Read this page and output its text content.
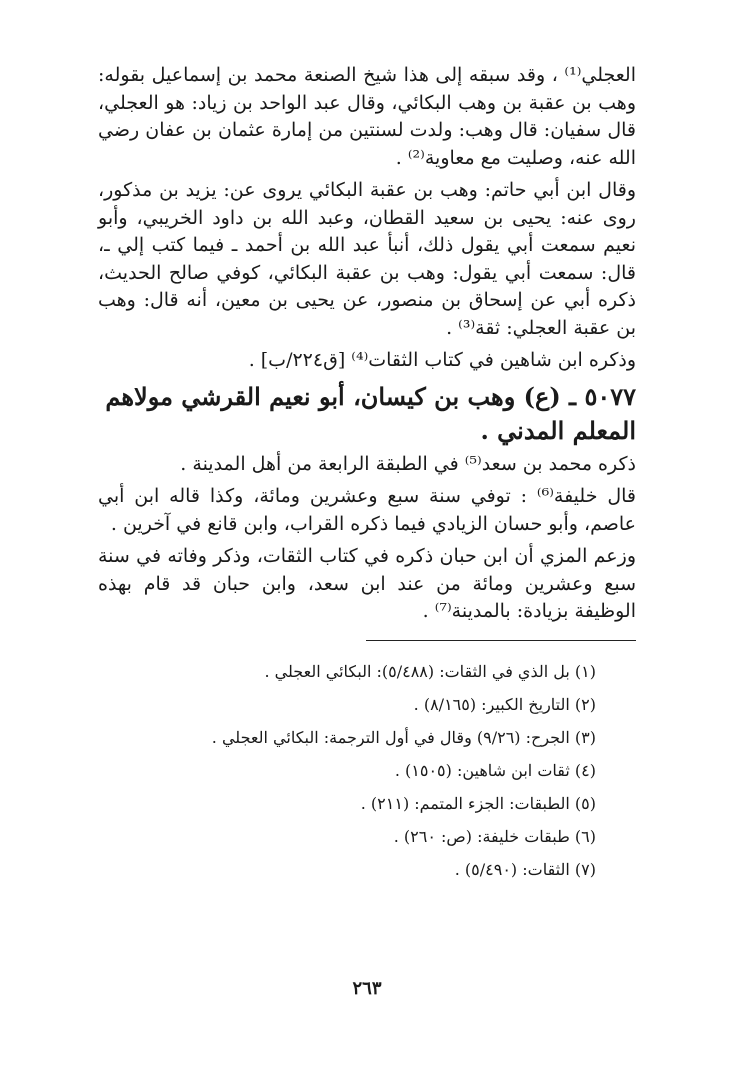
العجلي⁽¹⁾ ، وقد سبقه إلى هذا شيخ الصنعة محمد بن إسماعيل بقوله: وهب بن عقبة بن وهب البكائي، وقال عبد الواحد بن زياد: هو العجلي، قال سفيان: قال وهب: ولدت لسنتين من إمارة عثمان بن عفان رضي الله عنه، وصليت مع معاوية⁽²⁾ .

وقال ابن أبي حاتم: وهب بن عقبة البكائي يروى عن: يزيد بن مذكور، روى عنه: يحيى بن سعيد القطان، وعبد الله بن داود الخريبي، وأبو نعيم سمعت أبي يقول ذلك، أنبأ عبد الله بن أحمد ـ فيما كتب إلي ـ، قال: سمعت أبي يقول: وهب بن عقبة البكائي، كوفي صالح الحديث، ذكره أبي عن إسحاق بن منصور، عن يحيى بن معين، أنه قال: وهب بن عقبة العجلي: ثقة⁽³⁾ .

وذكره ابن شاهين في كتاب الثقات⁽⁴⁾ [ق٢٢٤/ب] .

٥٠٧٧ ـ (ع) وهب بن كيسان، أبو نعيم القرشي مولاهم المعلم المدني .

ذكره محمد بن سعد⁽⁵⁾ في الطبقة الرابعة من أهل المدينة .

قال خليفة⁽⁶⁾ : توفي سنة سبع وعشرين ومائة، وكذا قاله ابن أبي عاصم، وأبو حسان الزيادي فيما ذكره القراب، وابن قانع في آخرين .

وزعم المزي أن ابن حبان ذكره في كتاب الثقات، وذكر وفاته في سنة سبع وعشرين ومائة من عند ابن سعد، وابن حبان قد قام بهذه الوظيفة بزيادة: بالمدينة⁽⁷⁾ .

(١) بل الذي في الثقات: (٥/٤٨٨): البكائي العجلي .

(٢) التاريخ الكبير: (٨/١٦٥) .

(٣) الجرح: (٩/٢٦) وقال في أول الترجمة: البكائي العجلي .

(٤) ثقات ابن شاهين: (١٥٠٥) .

(٥) الطبقات: الجزء المتمم: (٢١١) .

(٦) طبقات خليفة: (ص: ٢٦٠) .

(٧) الثقات: (٥/٤٩٠) .

٢٦٣
